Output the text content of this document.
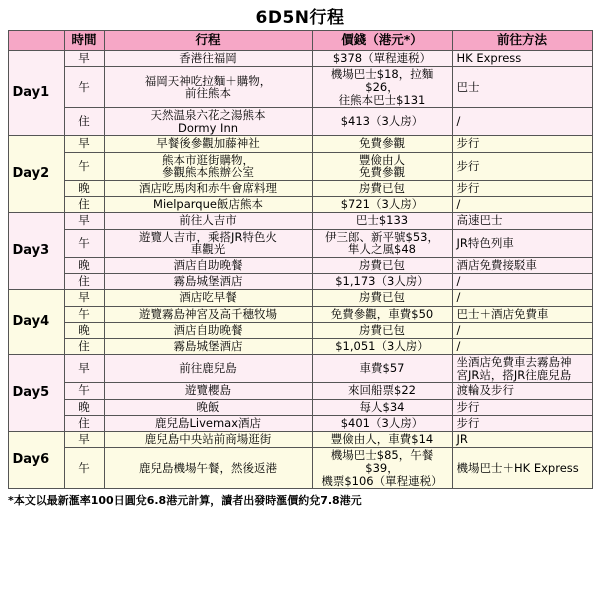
6D5N行程
	時間	行程	價錢（港元*）	前往方法
Day1	早	香港往福岡	$378（單程連税）	HK Express
	午	福岡天神吃拉麵＋購物，
前往熊本	機場巴士$18，拉麵$26，
往熊本巴士$131	巴士
	住	天然温泉六花之湯熊本
Dormy Inn	$413（3人房）	/
Day2	早	早餐後參觀加藤神社	免費參觀	步行
	午	熊本市逛街購物，
參觀熊本熊辦公室	豐儉由人
免費參觀	步行
	晚	酒店吃馬肉和赤牛會席料理	房費已包	步行
	住	Mielparque飯店熊本	$721（3人房）	/
Day3	早	前往人吉市	巴士$133	高速巴士
	午	遊覽人吉市，乘搭JR特色火
車觀光	伊三郎、新平號$53，
隼人之風$48	JR特色列車
	晚	酒店自助晚餐	房費已包	酒店免費接駁車
	住	霧島城堡酒店	$1,173（3人房）	/
Day4	早	酒店吃早餐	房費已包	/
	午	遊覽霧島神宮及高千穗牧場	免費參觀，車費$50	巴士＋酒店免費車
	晚	酒店自助晚餐	房費已包	/
	住	霧島城堡酒店	$1,051（3人房）	/
Day5	早	前往鹿兒島	車費$57	坐酒店免費車去霧島神
宮JR站，搭JR往鹿兒島
	午	遊覽櫻島	來回船票$22	渡輪及步行
	晚	晚飯	每人$34	步行
	住	鹿兒島Livemax酒店	$401（3人房）	步行
Day6	早	鹿兒島中央站前商場逛街	豐儉由人，車費$14	JR
	午	鹿兒島機場午餐，然後返港	機場巴士$85，午餐$39，
機票$106（單程連税）	機場巴士＋HK Express
*本文以最新滙率100日圓兌6.8港元計算，讀者出發時滙價約兌7.8港元
